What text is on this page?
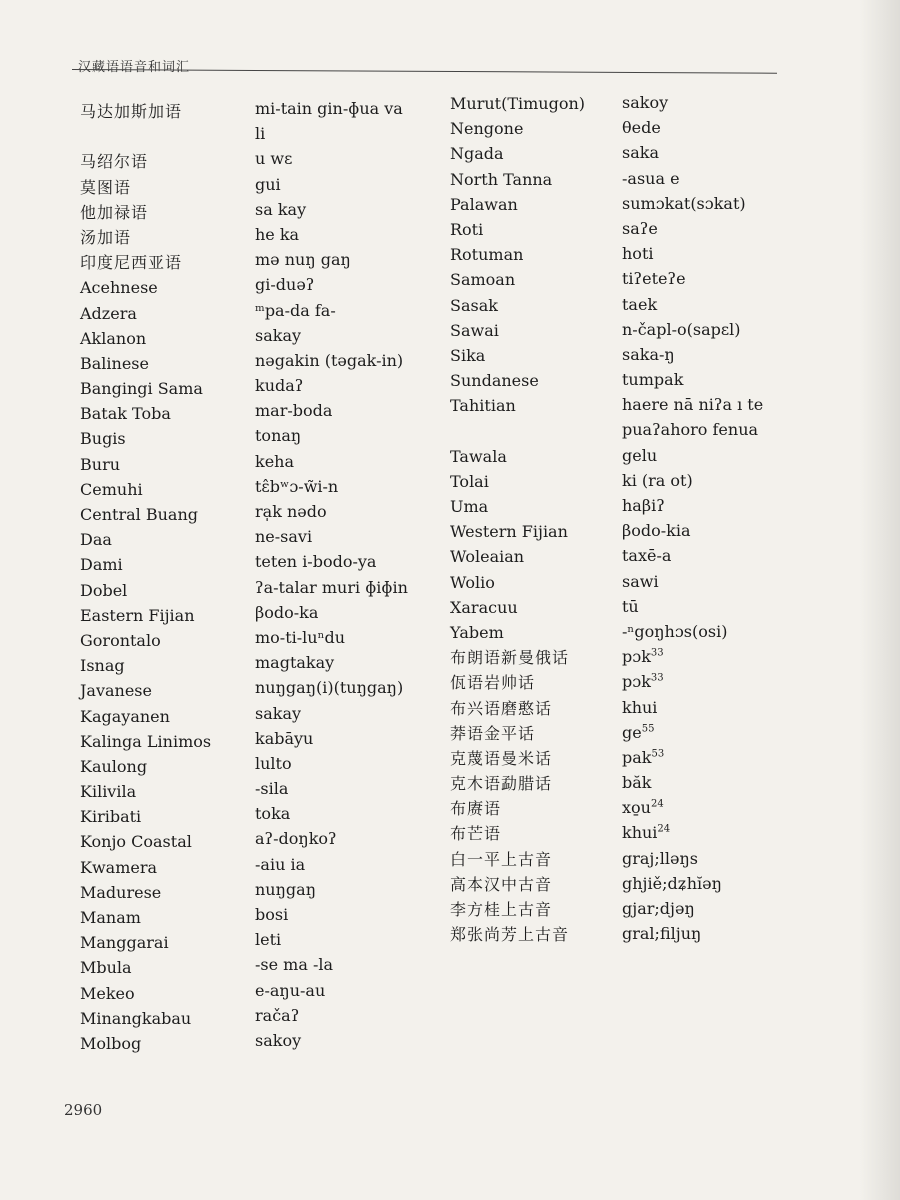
汉藏语语音和词汇
马达加斯加语
马绍尔语
莫图语
他加禄语
汤加语
印度尼西亚语
Acehnese
Adzera
Aklanon
Balinese
Bangingi Sama
Batak Toba
Bugis
Buru
Cemuhi
Central Buang
Daa
Dami
Dobel
Eastern Fijian
Gorontalo
Isnag
Javanese
Kagayanen
Kalinga Linimos
Kaulong
Kilivila
Kiribati
Konjo Coastal
Kwamera
Madurese
Manam
Manggarai
Mbula
Mekeo
Minangkabau
Molbog
mi-tain gin-ɸua va
li
u wɛ
gui
sa kay
he ka
mə nuŋ gaŋ
gi-duəʔ
ᵐpa-da fa-
sakay
nəgakin (təgak-in)
kudaʔ
mar-boda
tonaŋ
keha
tɛ̂bʷɔ-w̃i-n
ra̩k nədo
ne-savi
teten i-bodo-ya
ʔa-talar muri ɸiɸin
βodo-ka
mo-ti-luⁿdu
magtakay
nuŋgaŋ(i)(tuŋgaŋ)
sakay
kabāyu
lulto
-sila
toka
aʔ-doŋkoʔ
-aiu ia
nuŋgaŋ
bosi
leti
-se ma -la
e-aŋu-au
račaʔ
sakoy
Murut(Timugon)
Nengone
Ngada
North Tanna
Palawan
Roti
Rotuman
Samoan
Sasak
Sawai
Sika
Sundanese
Tahitian
Tawala
Tolai
Uma
Western Fijian
Woleaian
Wolio
Xaracuu
Yabem
布朗语新曼俄话
佤语岩帅话
布兴语磨憨话
莽语金平话
克蔑语曼米话
克木语勐腊话
布赓语
布芒语
白一平上古音
高本汉中古音
李方桂上古音
郑张尚芳上古音
sakoy
θede
saka
-asua e
sumɔkat(sɔkat)
saʔe
hoti
tiʔeteʔe
taek
n-čapl-o(sapɛl)
saka-ŋ
tumpak
haere nā niʔa ı te
puaʔahoro fenua
gelu
ki (ra ot)
haβiʔ
βodo-kia
taxē-a
sawi
tū
-ⁿgoŋhɔs(osi)
pɔk$^{33}$
pɔk$^{33}$
khui
$ge^{55}$
pak$^{53}$
băk
$xo̱u^{24}$
khui$^{24}$
graj;lləŋs
ghjiě;dʑhĭəŋ
gjar;djəŋ
gral;filjuŋ
2960
